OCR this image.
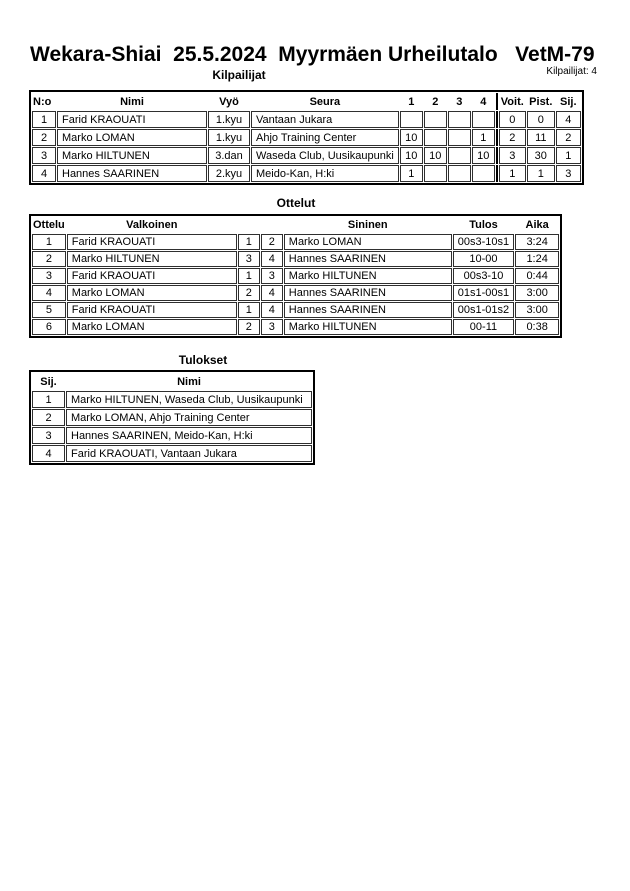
Wekara-Shiai  25.5.2024  Myyrmäen Urheilutalo   VetM-79
Kilpailijat	Kilpailijat: 4
N:o	Nimi	Vyö	Seura	1	2	3	4		Voit.	Pist.	Sij.
1	Farid KRAOUATI	1.kyu	Vantaan Jukara						0	0	4
2	Marko LOMAN	1.kyu	Ahjo Training Center	10			1		2	11	2
3	Marko HILTUNEN	3.dan	Waseda Club, Uusikaupunki	10	10		10		3	30	1
4	Hannes SAARINEN	2.kyu	Meido-Kan, H:ki	1					1	1	3
Ottelut
Ottelu	Valkoinen			Sininen	Tulos	Aika
1	Farid KRAOUATI	1	2	Marko LOMAN	00s3-10s1	3:24
2	Marko HILTUNEN	3	4	Hannes SAARINEN	10-00	1:24
3	Farid KRAOUATI	1	3	Marko HILTUNEN	00s3-10	0:44
4	Marko LOMAN	2	4	Hannes SAARINEN	01s1-00s1	3:00
5	Farid KRAOUATI	1	4	Hannes SAARINEN	00s1-01s2	3:00
6	Marko LOMAN	2	3	Marko HILTUNEN	00-11	0:38
Tulokset
Sij.	Nimi
1	Marko HILTUNEN, Waseda Club, Uusikaupunki
2	Marko LOMAN, Ahjo Training Center
3	Hannes SAARINEN, Meido-Kan, H:ki
4	Farid KRAOUATI, Vantaan Jukara
